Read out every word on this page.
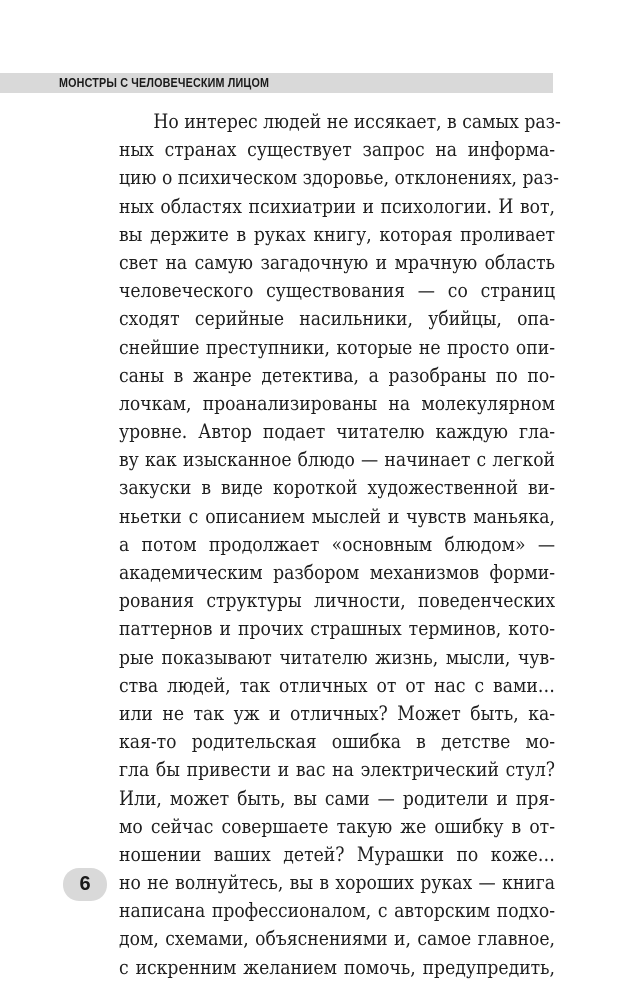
МОНСТРЫ С ЧЕЛОВЕЧЕСКИМ ЛИЦОМ
Но интерес людей не иссякает, в самых раз-
ных странах существует запрос на информа-
цию о психическом здоровье, отклонениях, раз-
ных областях психиатрии и психологии. И вот,
вы держите в руках книгу, которая проливает
свет на самую загадочную и мрачную область
человеческого существования — со страниц
сходят серийные насильники, убийцы, опа-
снейшие преступники, которые не просто опи-
саны в жанре детектива, а разобраны по по-
лочкам, проанализированы на молекулярном
уровне. Автор подает читателю каждую гла-
ву как изысканное блюдо — начинает с легкой
закуски в виде короткой художественной ви-
ньетки с описанием мыслей и чувств маньяка,
а потом продолжает «основным блюдом» —
академическим разбором механизмов форми-
рования структуры личности, поведенческих
паттернов и прочих страшных терминов, кото-
рые показывают читателю жизнь, мысли, чув-
ства людей, так отличных от от нас с вами…
или не так уж и отличных? Может быть, ка-
кая-то родительская ошибка в детстве мо-
гла бы привести и вас на электрический стул?
Или, может быть, вы сами — родители и пря-
мо сейчас совершаете такую же ошибку в от-
ношении ваших детей? Мурашки по коже…
но не волнуйтесь, вы в хороших руках — книга
написана профессионалом, с авторским подхо-
дом, схемами, объяснениями и, самое главное,
с искренним желанием помочь, предупредить,
6
